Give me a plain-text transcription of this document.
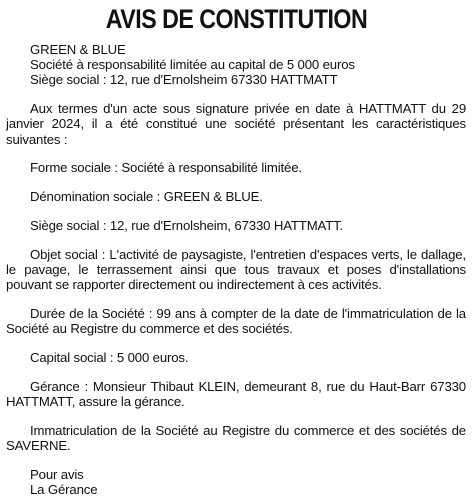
AVIS DE CONSTITUTION
GREEN & BLUE
Société à responsabilité limitée au capital de 5 000 euros
Siège social : 12, rue d'Ernolsheim 67330 HATTMATT

Aux termes d'un acte sous signature privée en date à HATTMATT du 29 janvier 2024, il a été constitué une société présentant les caractéristiques suivantes :

Forme sociale : Société à responsabilité limitée.

Dénomination sociale : GREEN & BLUE.

Siège social : 12, rue d'Ernolsheim, 67330 HATTMATT.

Objet social : L'activité de paysagiste, l'entretien d'espaces verts, le dallage, le pavage, le terrassement ainsi que tous travaux et poses d'installations pouvant se rapporter directement ou indirectement à ces activités.

Durée de la Société : 99 ans à compter de la date de l'immatriculation de la Société au Registre du commerce et des sociétés.

Capital social : 5 000 euros.

Gérance : Monsieur Thibaut KLEIN, demeurant 8, rue du Haut-Barr 67330 HATTMATT, assure la gérance.

Immatriculation de la Société au Registre du commerce et des sociétés de SAVERNE.

Pour avis
La Gérance
